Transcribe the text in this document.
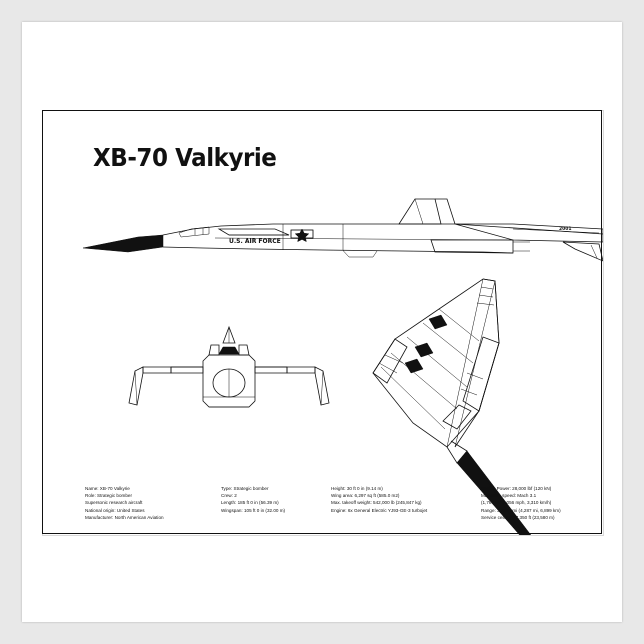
XB-70 Valkyrie
U.S. AIR FORCE
2001
Name: XB-70 Valkyrie
Role: Strategic bomber
Supersonic research aircraft
National origin: United States
Manufacturer: North American Aviation
Type: Strategic bomber
Crew: 2
Length: 185 ft 0 in (56.39 m)
Wingspan: 105 ft 0 in (32.00 m)
Height: 30 ft 0 in (9.14 m)
Wing area: 6,297 sq ft (585.0 m2)
Max. takeoff weight: 542,000 lb (245,847 kg)
Engine: 6x General Electric YJ93-GE-3 turbojet
Engine Power: 28,000 lbf (120 kN)
Maximum speed: Mach 3.1
(1,787 kn, 2,056 mph, 3,310 km/h)
Range: 3,725 nmi (4,287 mi, 6,899 km)
Service ceiling: 77,350 ft (23,580 m)
